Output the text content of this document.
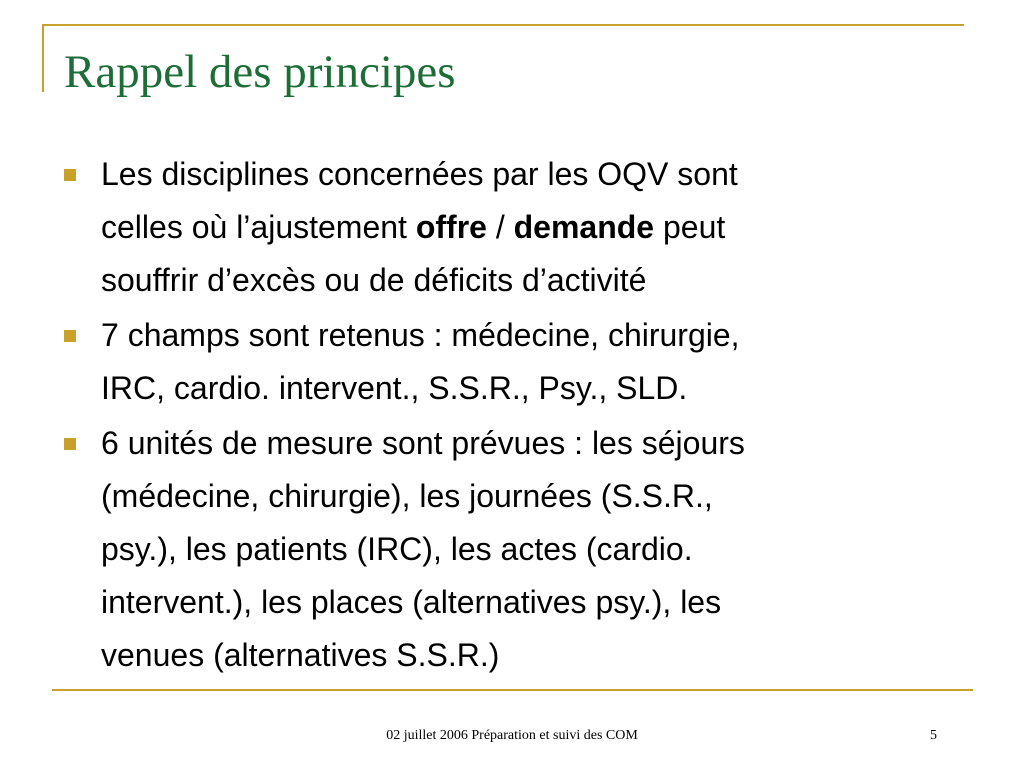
Rappel des principes
Les disciplines concernées par les OQV sont
celles où l’ajustement offre / demande peut
souffrir d’excès ou de déficits d’activité
7 champs sont retenus : médecine, chirurgie,
IRC, cardio. intervent., S.S.R., Psy., SLD.
6 unités de mesure sont prévues : les séjours
(médecine, chirurgie), les journées (S.S.R.,
psy.), les patients (IRC), les actes (cardio.
intervent.), les places (alternatives psy.), les
venues (alternatives S.S.R.)
02 juillet 2006 Préparation et suivi des COM	5
